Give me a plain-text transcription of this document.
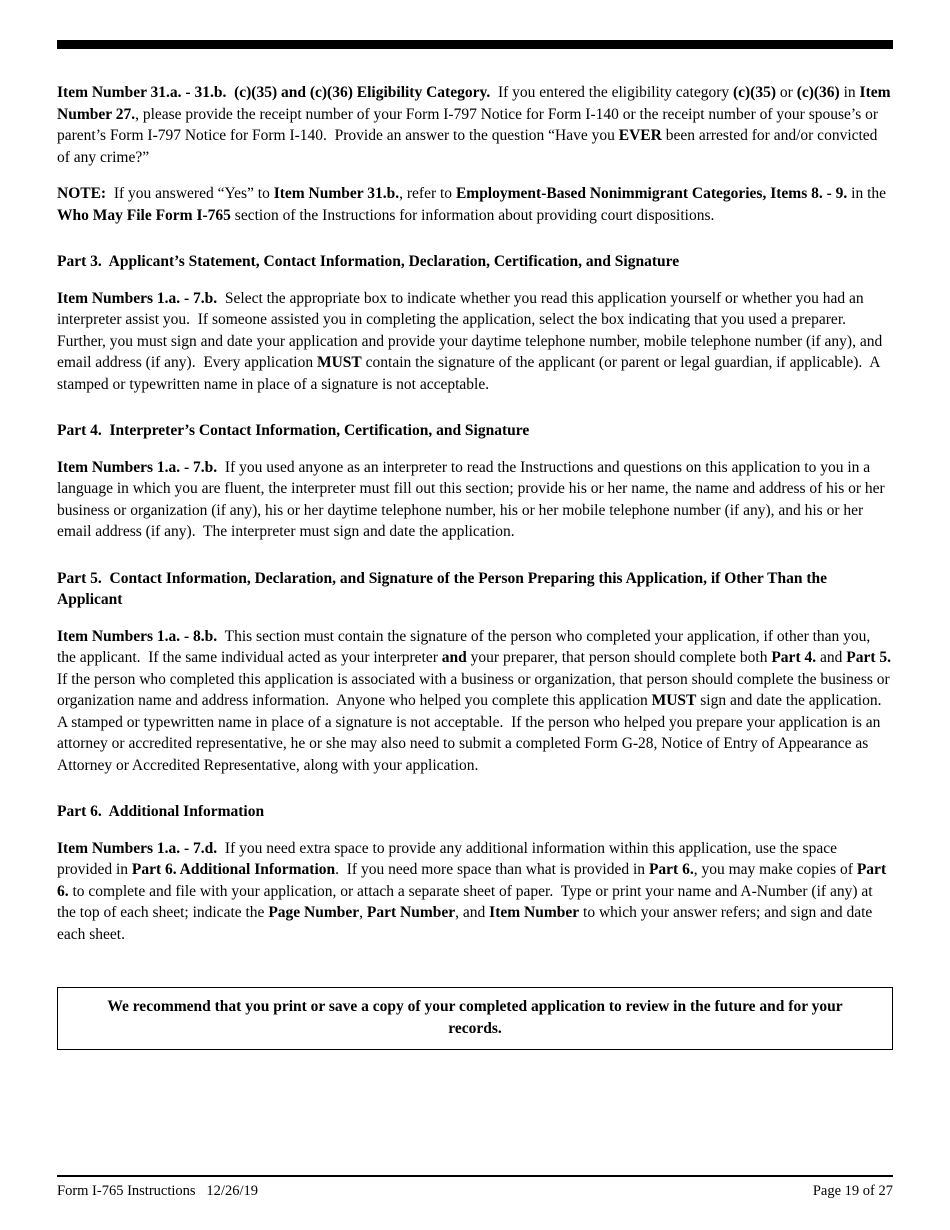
Item Number 31.a. - 31.b.  (c)(35) and (c)(36) Eligibility Category.  If you entered the eligibility category (c)(35) or (c)(36) in Item Number 27., please provide the receipt number of your Form I-797 Notice for Form I-140 or the receipt number of your spouse’s or parent’s Form I-797 Notice for Form I-140.  Provide an answer to the question “Have you EVER been arrested for and/or convicted of any crime?”

NOTE:  If you answered “Yes” to Item Number 31.b., refer to Employment-Based Nonimmigrant Categories, Items 8. - 9. in the Who May File Form I-765 section of the Instructions for information about providing court dispositions.

Part 3.  Applicant’s Statement, Contact Information, Declaration, Certification, and Signature

Item Numbers 1.a. - 7.b.  Select the appropriate box to indicate whether you read this application yourself or whether you had an interpreter assist you.  If someone assisted you in completing the application, select the box indicating that you used a preparer.  Further, you must sign and date your application and provide your daytime telephone number, mobile telephone number (if any), and email address (if any).  Every application MUST contain the signature of the applicant (or parent or legal guardian, if applicable).  A stamped or typewritten name in place of a signature is not acceptable.

Part 4.  Interpreter’s Contact Information, Certification, and Signature

Item Numbers 1.a. - 7.b.  If you used anyone as an interpreter to read the Instructions and questions on this application to you in a language in which you are fluent, the interpreter must fill out this section; provide his or her name, the name and address of his or her business or organization (if any), his or her daytime telephone number, his or her mobile telephone number (if any), and his or her email address (if any).  The interpreter must sign and date the application.

Part 5.  Contact Information, Declaration, and Signature of the Person Preparing this Application, if Other Than the Applicant

Item Numbers 1.a. - 8.b.  This section must contain the signature of the person who completed your application, if other than you, the applicant.  If the same individual acted as your interpreter and your preparer, that person should complete both Part 4. and Part 5.  If the person who completed this application is associated with a business or organization, that person should complete the business or organization name and address information.  Anyone who helped you complete this application MUST sign and date the application.  A stamped or typewritten name in place of a signature is not acceptable.  If the person who helped you prepare your application is an attorney or accredited representative, he or she may also need to submit a completed Form G-28, Notice of Entry of Appearance as Attorney or Accredited Representative, along with your application.

Part 6.  Additional Information

Item Numbers 1.a. - 7.d.  If you need extra space to provide any additional information within this application, use the space provided in Part 6. Additional Information.  If you need more space than what is provided in Part 6., you may make copies of Part 6. to complete and file with your application, or attach a separate sheet of paper.  Type or print your name and A-Number (if any) at the top of each sheet; indicate the Page Number, Part Number, and Item Number to which your answer refers; and sign and date each sheet.

We recommend that you print or save a copy of your completed application to review in the future and for your records.

Form I-765 Instructions   12/26/19	Page 19 of 27
